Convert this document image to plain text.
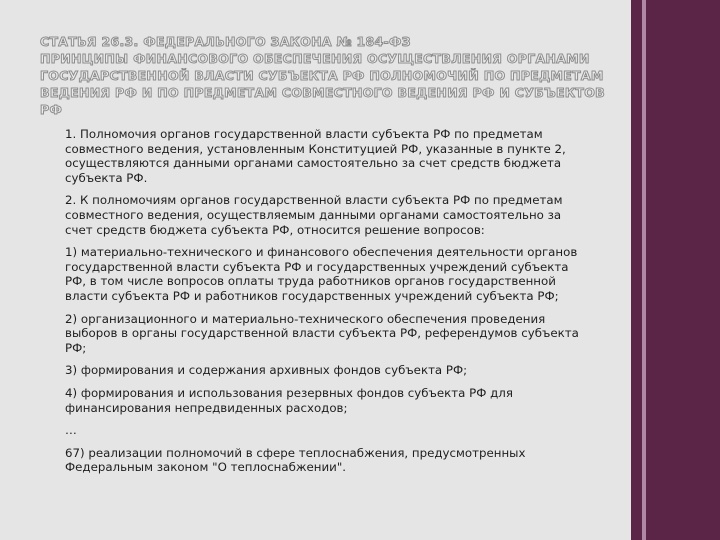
СТАТЬЯ 26.3. ФЕДЕРАЛЬНОГО ЗАКОНА № 184-ФЗ
ПРИНЦИПЫ ФИНАНСОВОГО ОБЕСПЕЧЕНИЯ ОСУЩЕСТВЛЕНИЯ ОРГАНАМИ
ГОСУДАРСТВЕННОЙ ВЛАСТИ СУБЪЕКТА РФ ПОЛНОМОЧИЙ ПО ПРЕДМЕТАМ
ВЕДЕНИЯ РФ И ПО ПРЕДМЕТАМ СОВМЕСТНОГО ВЕДЕНИЯ РФ И СУБЪЕКТОВ РФ
1. Полномочия органов государственной власти субъекта РФ по предметам
совместного ведения, установленным Конституцией РФ, указанные в пункте 2,
осуществляются данными органами самостоятельно за счет средств бюджета
субъекта РФ.
2. К полномочиям органов государственной власти субъекта РФ по предметам
совместного ведения, осуществляемым данными органами самостоятельно за
счет средств бюджета субъекта РФ, относится решение вопросов:
1) материально-технического и финансового обеспечения деятельности органов
государственной власти субъекта РФ и государственных учреждений субъекта
РФ, в том числе вопросов оплаты труда работников органов государственной
власти субъекта РФ и работников государственных учреждений субъекта РФ;
2) организационного и материально-технического обеспечения проведения
выборов в органы государственной власти субъекта РФ, референдумов субъекта
РФ;
3) формирования и содержания архивных фондов субъекта РФ;
4) формирования и использования резервных фондов субъекта РФ для
финансирования непредвиденных расходов;
…
67) реализации полномочий в сфере теплоснабжения, предусмотренных
Федеральным законом "О теплоснабжении".
